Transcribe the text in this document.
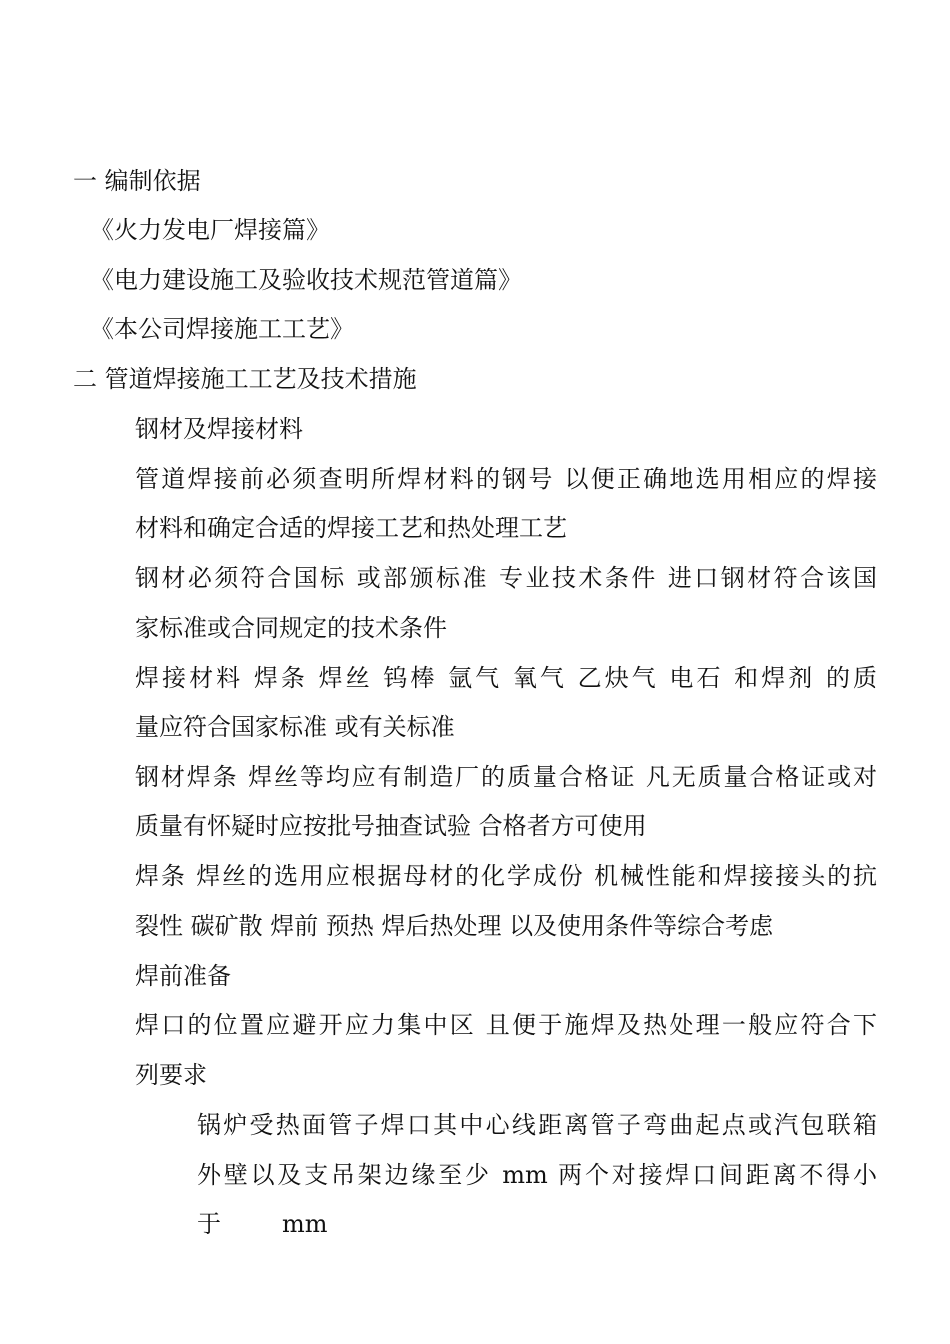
一 编制依据
《火力发电厂焊接篇》
《电力建设施工及验收技术规范管道篇》
《本公司焊接施工工艺》
二 管道焊接施工工艺及技术措施
钢材及焊接材料
管道焊接前必须查明所焊材料的钢号 以便正确地选用相应的焊接
材料和确定合适的焊接工艺和热处理工艺
钢材必须符合国标 或部颁标准 专业技术条件 进口钢材符合该国
家标准或合同规定的技术条件
焊接材料 焊条 焊丝 钨棒 氩气 氧气 乙炔气 电石 和焊剂 的质
量应符合国家标准 或有关标准
钢材焊条 焊丝等均应有制造厂的质量合格证 凡无质量合格证或对
质量有怀疑时应按批号抽查试验 合格者方可使用
焊条 焊丝的选用应根据母材的化学成份 机械性能和焊接接头的抗
裂性 碳矿散 焊前 预热 焊后热处理 以及使用条件等综合考虑
焊前准备
焊口的位置应避开应力集中区 且便于施焊及热处理一般应符合下
列要求
锅炉受热面管子焊口其中心线距离管子弯曲起点或汽包联箱
外壁以及支吊架边缘至少 mm 两个对接焊口间距离不得小
于        mm
